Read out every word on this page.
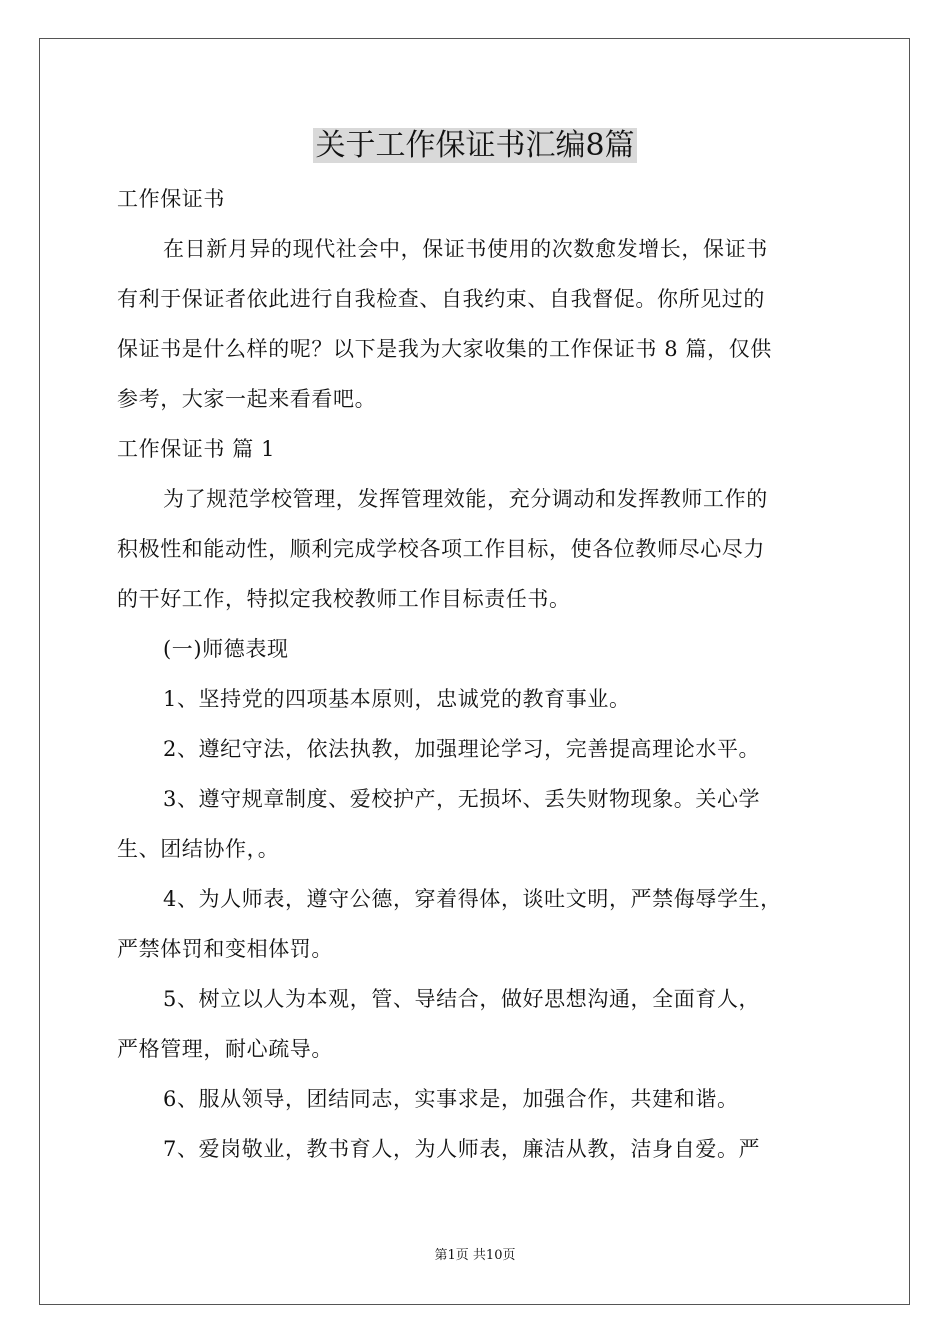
关于工作保证书汇编8篇
工作保证书
在日新月异的现代社会中，保证书使用的次数愈发增长，保证书
有利于保证者依此进行自我检查、自我约束、自我督促。你所见过的
保证书是什么样的呢？以下是我为大家收集的工作保证书 8 篇，仅供
参考，大家一起来看看吧。
工作保证书 篇 1
为了规范学校管理，发挥管理效能，充分调动和发挥教师工作的
积极性和能动性，顺利完成学校各项工作目标，使各位教师尽心尽力
的干好工作，特拟定我校教师工作目标责任书。
(一)师德表现
1、坚持党的四项基本原则，忠诚党的教育事业。
2、遵纪守法，依法执教，加强理论学习，完善提高理论水平。
3、遵守规章制度、爱校护产，无损坏、丢失财物现象。关心学
生、团结协作，。
4、为人师表，遵守公德，穿着得体，谈吐文明，严禁侮辱学生，
严禁体罚和变相体罚。
5、树立以人为本观，管、导结合，做好思想沟通，全面育人，
严格管理，耐心疏导。
6、服从领导，团结同志，实事求是，加强合作，共建和谐。
7、爱岗敬业，教书育人，为人师表，廉洁从教，洁身自爱。严
第1页 共10页
